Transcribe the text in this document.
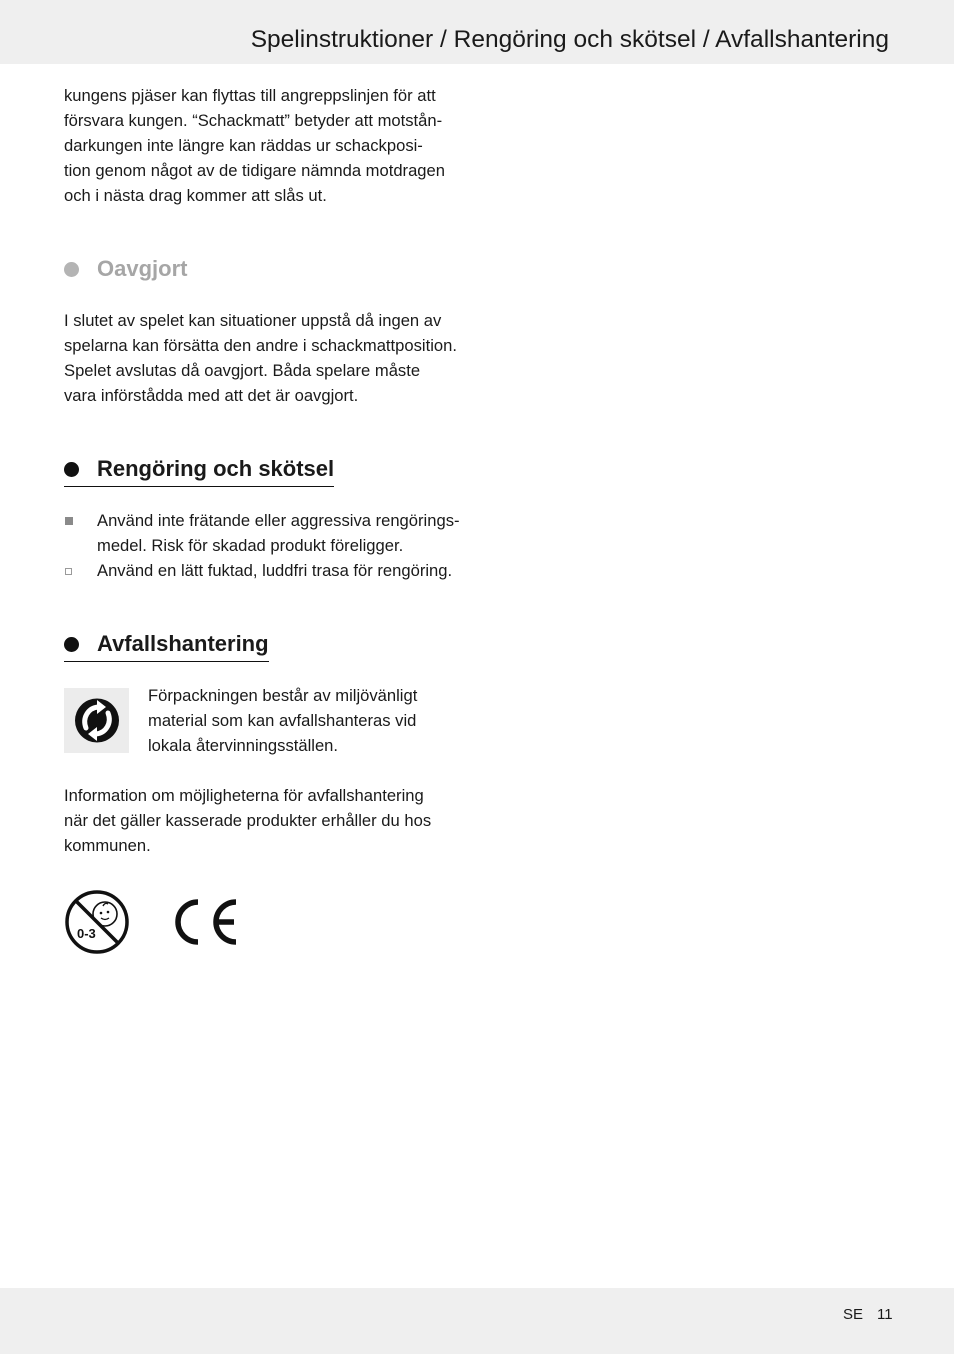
Spelinstruktioner / Rengöring och skötsel / Avfallshantering

kungens pjäser kan flyttas till angreppslinjen för att
försvara kungen. “Schackmatt” betyder att motstån-
darkungen inte längre kan räddas ur schackposi-
tion genom något av de tidigare nämnda motdragen
och i nästa drag kommer att slås ut.

Oavgjort

I slutet av spelet kan situationer uppstå då ingen av
spelarna kan försätta den andre i schackmattposition.
Spelet avslutas då oavgjort. Båda spelare måste
vara införstådda med att det är oavgjort.

Rengöring och skötsel
Använd inte frätande eller aggressiva rengörings-
medel. Risk för skadad produkt föreligger.
Använd en lätt fuktad, luddfri trasa för rengöring.
Avfallshantering
Förpackningen består av miljövänligt
material som kan avfallshanteras vid
lokala återvinningsställen.

Information om möjligheterna för avfallshantering
när det gäller kasserade produkter erhåller du hos
kommunen.

0-3
SE 11
